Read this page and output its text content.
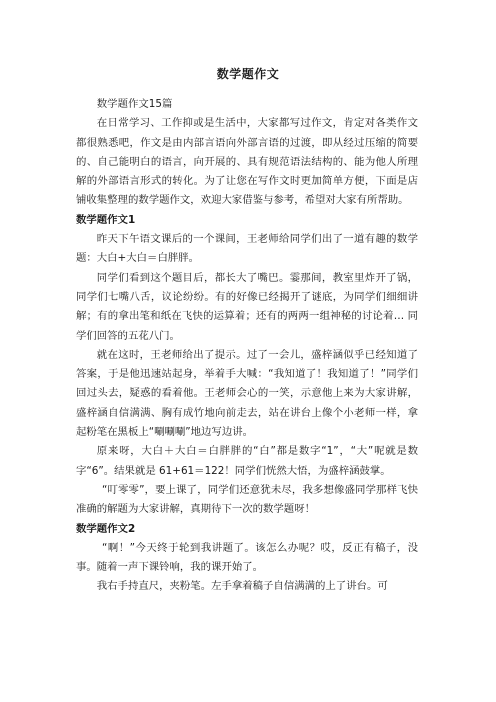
数学题作文

数学题作文15篇

在日常学习、工作抑或是生活中，大家都写过作文，肯定对各类作文都很熟悉吧，作文是由内部言语向外部言语的过渡，即从经过压缩的简要的、自己能明白的语言，向开展的、具有规范语法结构的、能为他人所理解的外部语言形式的转化。为了让您在写作文时更加简单方便，下面是店铺收集整理的数学题作文，欢迎大家借鉴与参考，希望对大家有所帮助。

数学题作文1

昨天下午语文课后的一个课间，王老师给同学们出了一道有趣的数学题：大白+大白＝白胖胖。

同学们看到这个题目后，都长大了嘴巴。霎那间，教室里炸开了锅，同学们七嘴八舌，议论纷纷。有的好像已经揭开了谜底，为同学们细细讲解；有的拿出笔和纸在飞快的运算着；还有的两两一组神秘的讨论着… 同学们回答的五花八门。

就在这时，王老师给出了提示。过了一会儿，盛梓涵似乎已经知道了答案，于是他迅速站起身，举着手大喊：“我知道了！我知道了！”同学们回过头去，疑惑的看着他。王老师会心的一笑，示意他上来为大家讲解，盛梓涵自信满满、胸有成竹地向前走去，站在讲台上像个小老师一样，拿起粉笔在黑板上“唰唰唰”地边写边讲。

原来呀，大白＋大白＝白胖胖的“白”都是数字“1”，“大”呢就是数字“6”。结果就是 61+61＝122！同学们恍然大悟，为盛梓涵鼓掌。

“叮零零”，要上课了，同学们还意犹未尽，我多想像盛同学那样飞快准确的解题为大家讲解，真期待下一次的数学题呀！

数学题作文2

“啊！”今天终于轮到我讲题了。该怎么办呢？哎，反正有稿子，没事。随着一声下课铃响，我的课开始了。

我右手持直尺，夹粉笔。左手拿着稿子自信满满的上了讲台。可
